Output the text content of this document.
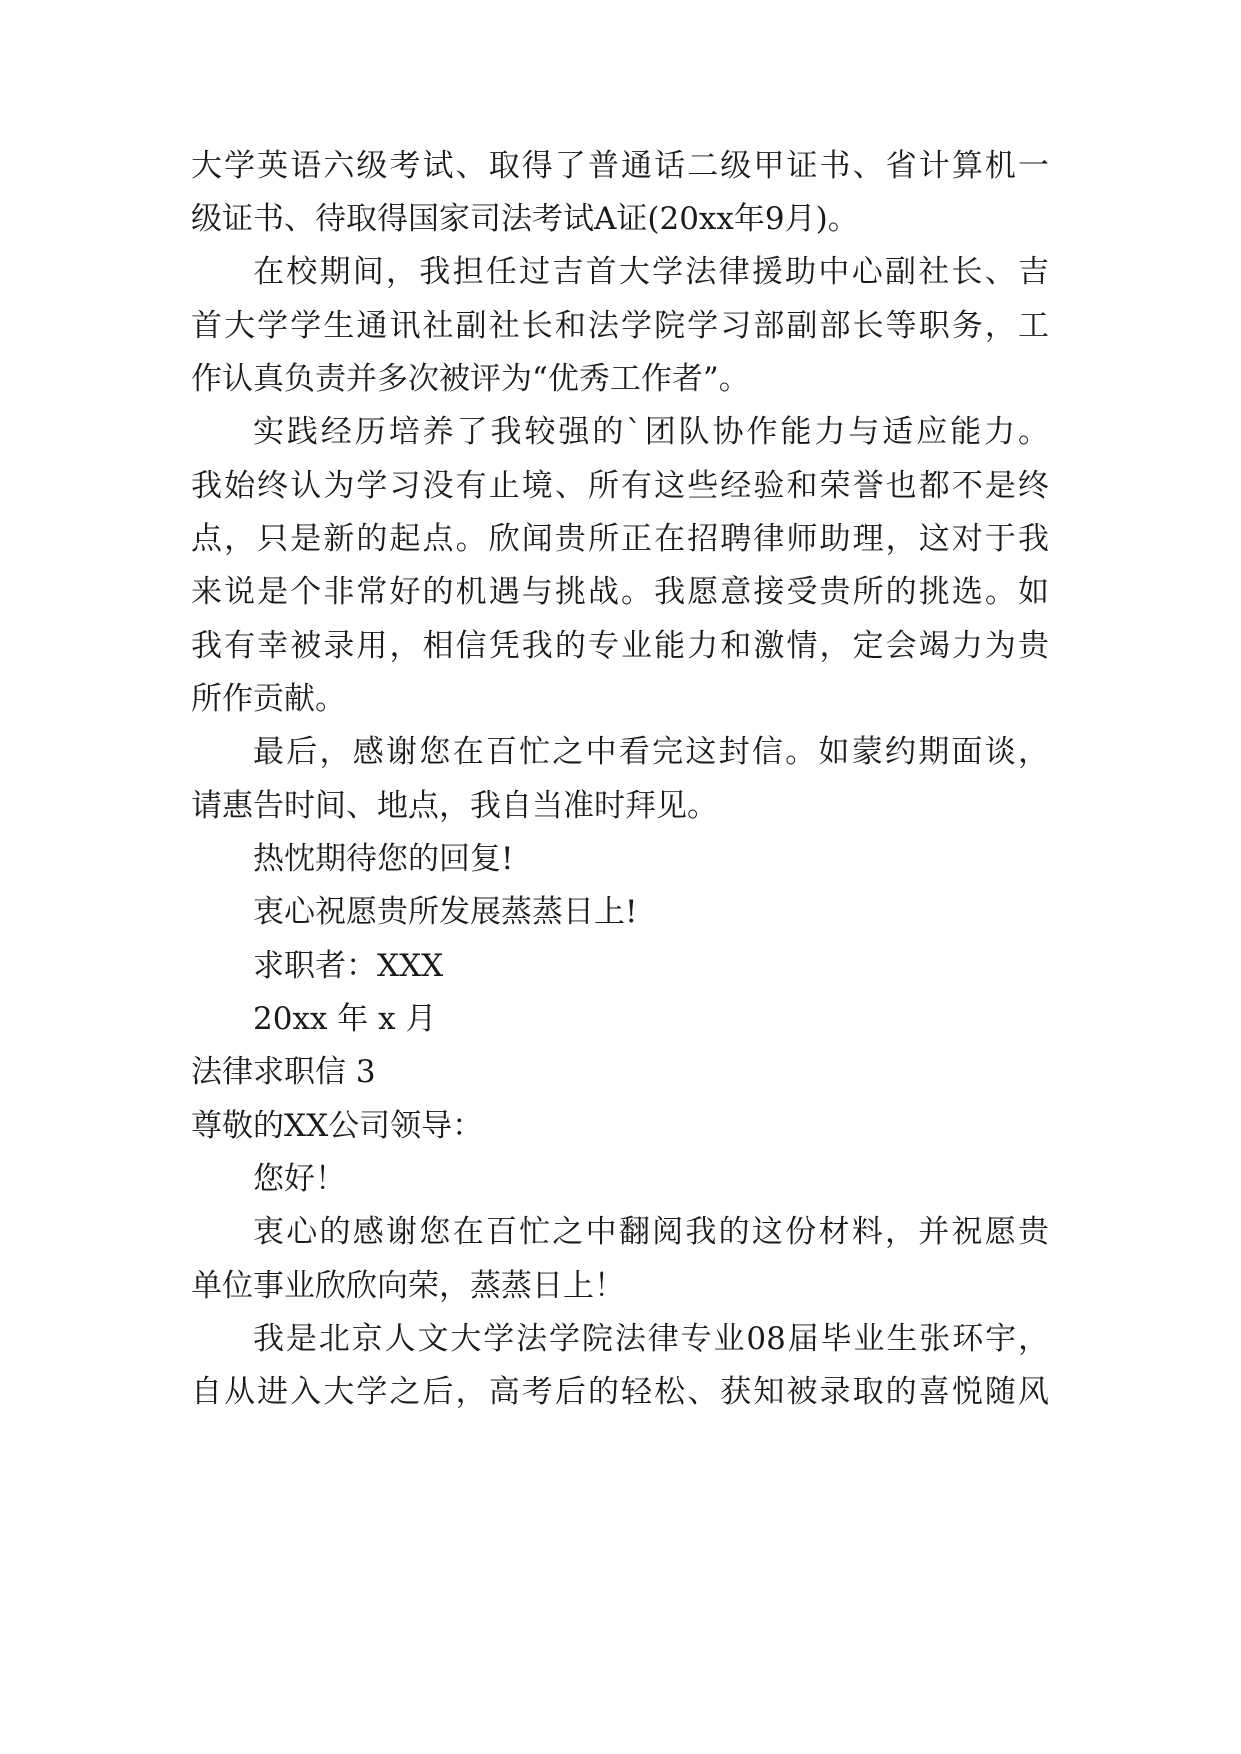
大学英语六级考试、取得了普通话二级甲证书、省计算机一
级证书、待取得国家司法考试A证(20xx年9月)。
在校期间，我担任过吉首大学法律援助中心副社长、吉
首大学学生通讯社副社长和法学院学习部副部长等职务，工
作认真负责并多次被评为“优秀工作者”。
实践经历培养了我较强的`团队协作能力与适应能力。
我始终认为学习没有止境、所有这些经验和荣誉也都不是终
点，只是新的起点。欣闻贵所正在招聘律师助理，这对于我
来说是个非常好的机遇与挑战。我愿意接受贵所的挑选。如
我有幸被录用，相信凭我的专业能力和激情，定会竭力为贵
所作贡献。
最后，感谢您在百忙之中看完这封信。如蒙约期面谈，
请惠告时间、地点，我自当准时拜见。
热忱期待您的回复!
衷心祝愿贵所发展蒸蒸日上!
求职者：XXX
20xx 年 x 月
法律求职信 3
尊敬的XX公司领导：
您好！
衷心的感谢您在百忙之中翻阅我的这份材料，并祝愿贵
单位事业欣欣向荣，蒸蒸日上！
我是北京人文大学法学院法律专业08届毕业生张环宇，
自从进入大学之后，高考后的轻松、获知被录取的喜悦随风
